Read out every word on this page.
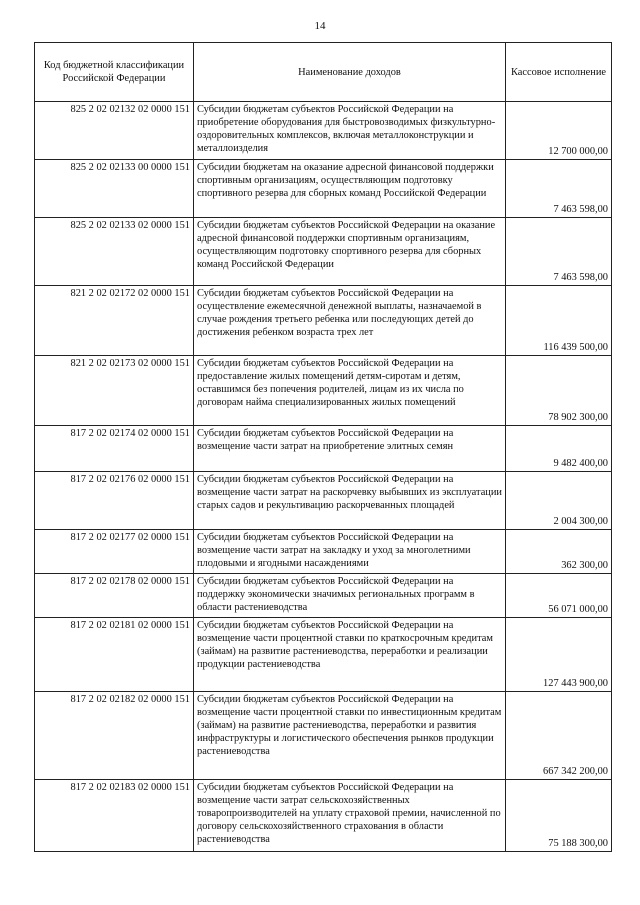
14
Код бюджетной классификации Российской Федерации	Наименование доходов	Кассовое исполнение
825 2 02 02132 02 0000 151	Субсидии бюджетам субъектов Российской Федерации на приобретение оборудования для быстровозводимых физкультурно-оздоровительных комплексов, включая металлоконструкции и металлоизделия	12 700 000,00
825 2 02 02133 00 0000 151	Субсидии бюджетам на оказание адресной финансовой поддержки спортивным организациям, осуществляющим подготовку спортивного резерва для сборных команд Российской Федерации	7 463 598,00
825 2 02 02133 02 0000 151	Субсидии бюджетам субъектов Российской Федерации на оказание адресной финансовой поддержки спортивным организациям, осуществляющим подготовку спортивного резерва для сборных команд Российской Федерации	7 463 598,00
821 2 02 02172 02 0000 151	Субсидии бюджетам субъектов Российской Федерации на осуществление ежемесячной денежной выплаты, назначаемой в случае рождения третьего ребенка или последующих детей до достижения ребенком возраста трех лет	116 439 500,00
821 2 02 02173 02 0000 151	Субсидии бюджетам субъектов Российской Федерации на предоставление жилых помещений детям-сиротам и детям, оставшимся без попечения родителей, лицам из их числа по договорам найма специализированных жилых помещений	78 902 300,00
817 2 02 02174 02 0000 151	Субсидии бюджетам субъектов Российской Федерации на возмещение части затрат на приобретение элитных семян	9 482 400,00
817 2 02 02176 02 0000 151	Субсидии бюджетам субъектов Российской Федерации на возмещение части затрат на раскорчевку выбывших из эксплуатации старых садов и рекультивацию раскорчеванных площадей	2 004 300,00
817 2 02 02177 02 0000 151	Субсидии бюджетам субъектов Российской Федерации на возмещение части затрат на закладку и уход за многолетними плодовыми и ягодными насаждениями	362 300,00
817 2 02 02178 02 0000 151	Субсидии бюджетам субъектов Российской Федерации на поддержку экономически значимых региональных программ в области растениеводства	56 071 000,00
817 2 02 02181 02 0000 151	Субсидии бюджетам субъектов Российской Федерации на возмещение части процентной ставки по краткосрочным кредитам (займам) на развитие растениеводства, переработки и реализации продукции растениеводства	127 443 900,00
817 2 02 02182 02 0000 151	Субсидии бюджетам субъектов Российской Федерации на возмещение части процентной ставки по инвестиционным кредитам (займам) на развитие растениеводства, переработки и развития инфраструктуры и логистического обеспечения рынков продукции растениеводства	667 342 200,00
817 2 02 02183 02 0000 151	Субсидии бюджетам субъектов Российской Федерации на возмещение части затрат сельскохозяйственных товаропроизводителей на уплату страховой премии, начисленной по договору сельскохозяйственного страхования в области растениеводства	75 188 300,00
